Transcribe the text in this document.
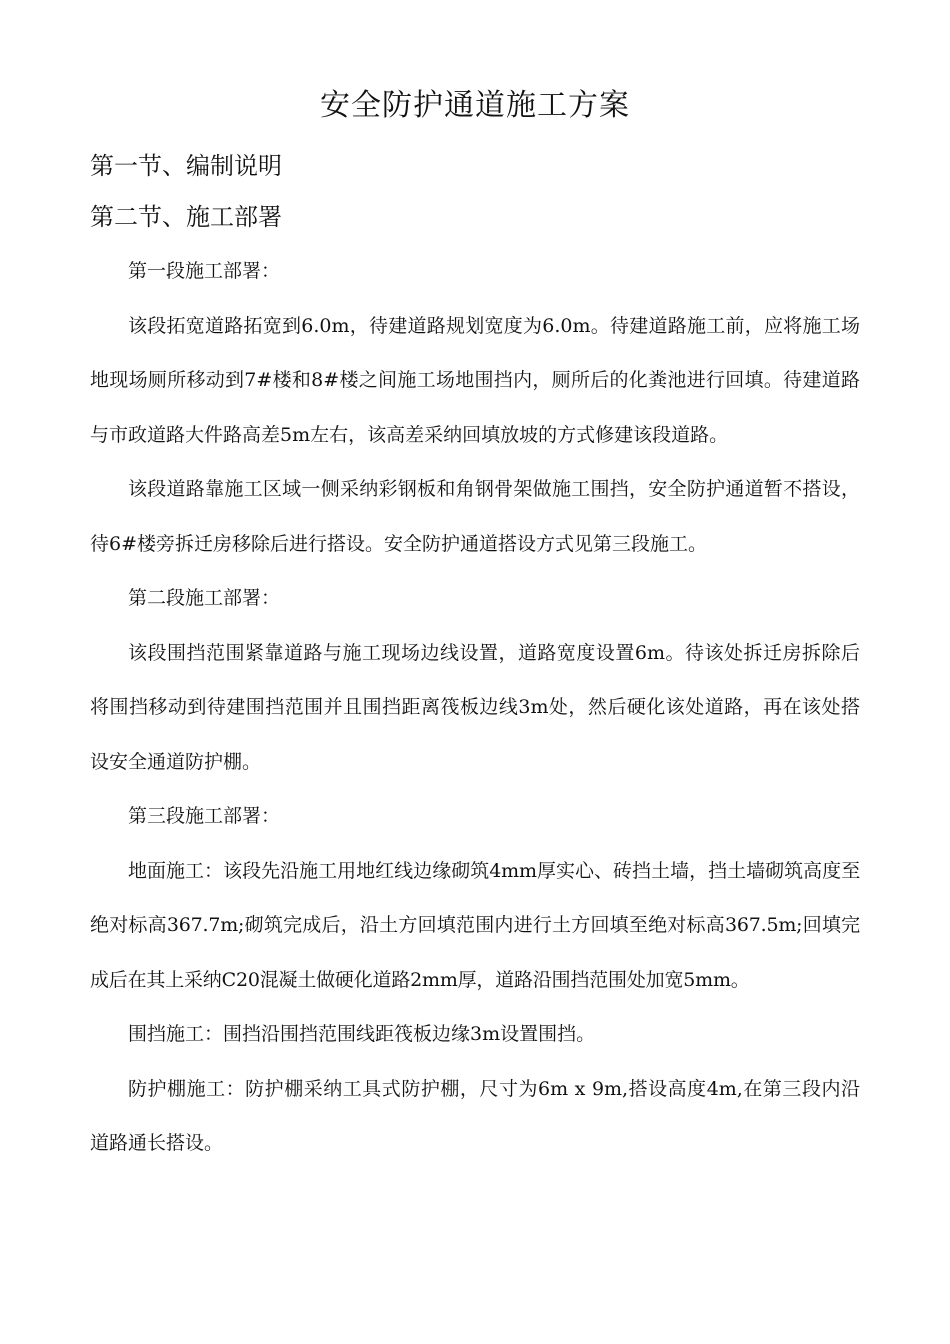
安全防护通道施工方案
第一节、编制说明
第二节、施工部署

第一段施工部署：

该段拓宽道路拓宽到6.0m，待建道路规划宽度为6.0m。待建道路施工前，应将施工场地现场厕所移动到7#楼和8#楼之间施工场地围挡内，厕所后的化粪池进行回填。待建道路与市政道路大件路高差5m左右，该高差采纳回填放坡的方式修建该段道路。

该段道路靠施工区域一侧采纳彩钢板和角钢骨架做施工围挡，安全防护通道暂不搭设，待6#楼旁拆迁房移除后进行搭设。安全防护通道搭设方式见第三段施工。

第二段施工部署：

该段围挡范围紧靠道路与施工现场边线设置，道路宽度设置6m。待该处拆迁房拆除后将围挡移动到待建围挡范围并且围挡距离筏板边线3m处，然后硬化该处道路，再在该处搭设安全通道防护棚。

第三段施工部署：

地面施工：该段先沿施工用地红线边缘砌筑4mm厚实心、砖挡土墙，挡土墙砌筑高度至绝对标高367.7m;砌筑完成后，沿土方回填范围内进行土方回填至绝对标高367.5m;回填完成后在其上采纳C20混凝土做硬化道路2mm厚，道路沿围挡范围处加宽5mm。

围挡施工：围挡沿围挡范围线距筏板边缘3m设置围挡。

防护棚施工：防护棚采纳工具式防护棚，尺寸为6m x 9m,搭设高度4m,在第三段内沿道路通长搭设。
